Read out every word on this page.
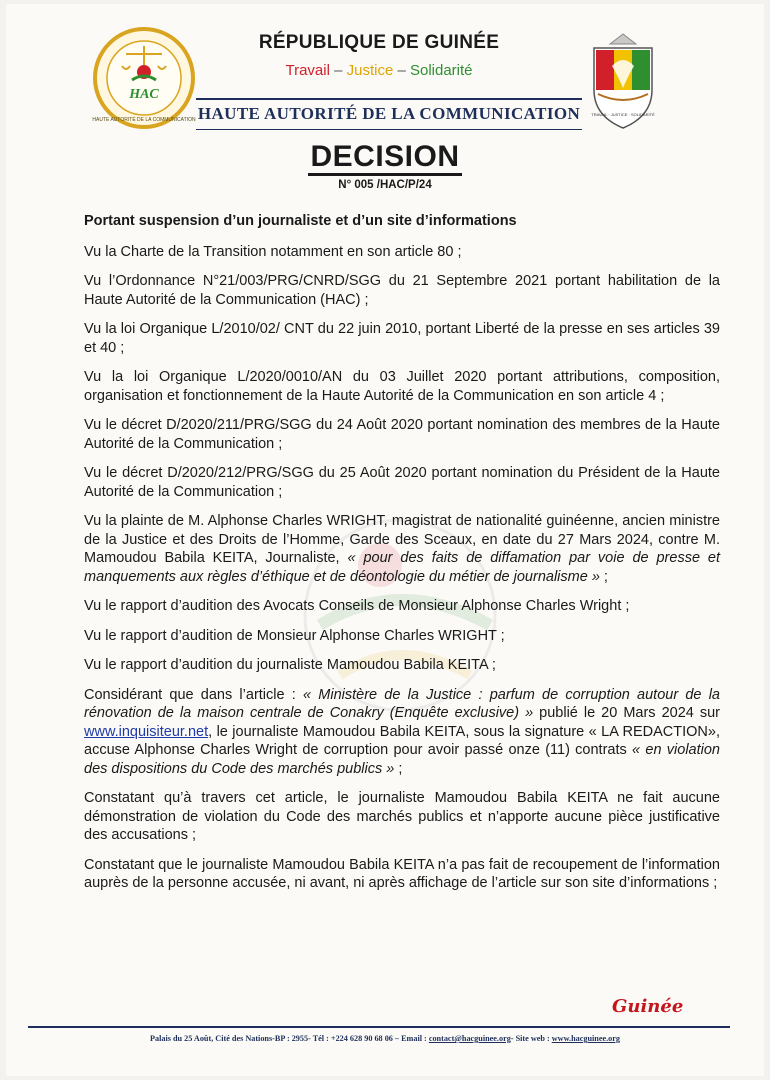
HAC
HAUTE AUTORITÉ DE LA COMMUNICATION
TRAVAIL · JUSTICE · SOLIDARITÉ
RÉPUBLIQUE DE GUINÉE
Travail – Justice – Solidarité
HAUTE AUTORITÉ DE LA COMMUNICATION
DECISION
N° 005 /HAC/P/24
Portant suspension d’un journaliste et d’un site d’informations

Vu la Charte de la Transition notamment en son article 80 ;

Vu l’Ordonnance N°21/003/PRG/CNRD/SGG du 21 Septembre 2021 portant habilitation de la Haute Autorité de la Communication (HAC) ;

Vu la loi Organique L/2010/02/ CNT du 22 juin 2010, portant Liberté de la presse en ses articles 39 et 40 ;

Vu la loi Organique L/2020/0010/AN du 03 Juillet 2020 portant attributions, composition, organisation et fonctionnement de la Haute Autorité de la Communication en son article 4 ;

Vu le décret D/2020/211/PRG/SGG du 24 Août 2020 portant nomination des membres de la Haute Autorité de la Communication ;

Vu le décret D/2020/212/PRG/SGG du 25 Août 2020 portant nomination du Président de la Haute Autorité de la Communication ;

Vu la plainte de M. Alphonse Charles WRIGHT, magistrat de nationalité guinéenne, ancien ministre de la Justice et des Droits de l’Homme, Garde des Sceaux, en date du 27 Mars 2024, contre M. Mamoudou Babila KEITA, Journaliste, « pour des faits de diffamation par voie de presse et manquements aux règles d’éthique et de déontologie du métier de journalisme » ;

Vu le rapport d’audition des Avocats Conseils de Monsieur Alphonse Charles Wright ;

Vu le rapport d’audition de Monsieur Alphonse Charles WRIGHT ;

Vu le rapport d’audition du journaliste Mamoudou Babila KEITA ;

Considérant que dans l’article : « Ministère de la Justice : parfum de corruption autour de la rénovation de la maison centrale de Conakry (Enquête exclusive) » publié le 20 Mars 2024 sur www.inquisiteur.net, le journaliste Mamoudou Babila KEITA, sous la signature « LA REDACTION», accuse Alphonse Charles Wright de corruption pour avoir passé onze (11) contrats « en violation des dispositions du Code des marchés publics » ;

Constatant qu’à travers cet article, le journaliste Mamoudou Babila KEITA ne fait aucune démonstration de violation du Code des marchés publics et n’apporte aucune pièce justificative des accusations ;

Constatant que le journaliste Mamoudou Babila KEITA n’a pas fait de recoupement de l’information auprès de la personne accusée, ni avant, ni après affichage de l’article sur son site d’informations ;

Guinée
Palais du 25 Août, Cité des Nations-BP : 2955- Tél : +224 628 90 68 06 – Email : contact@hacguinee.org- Site web : www.hacguinee.org
